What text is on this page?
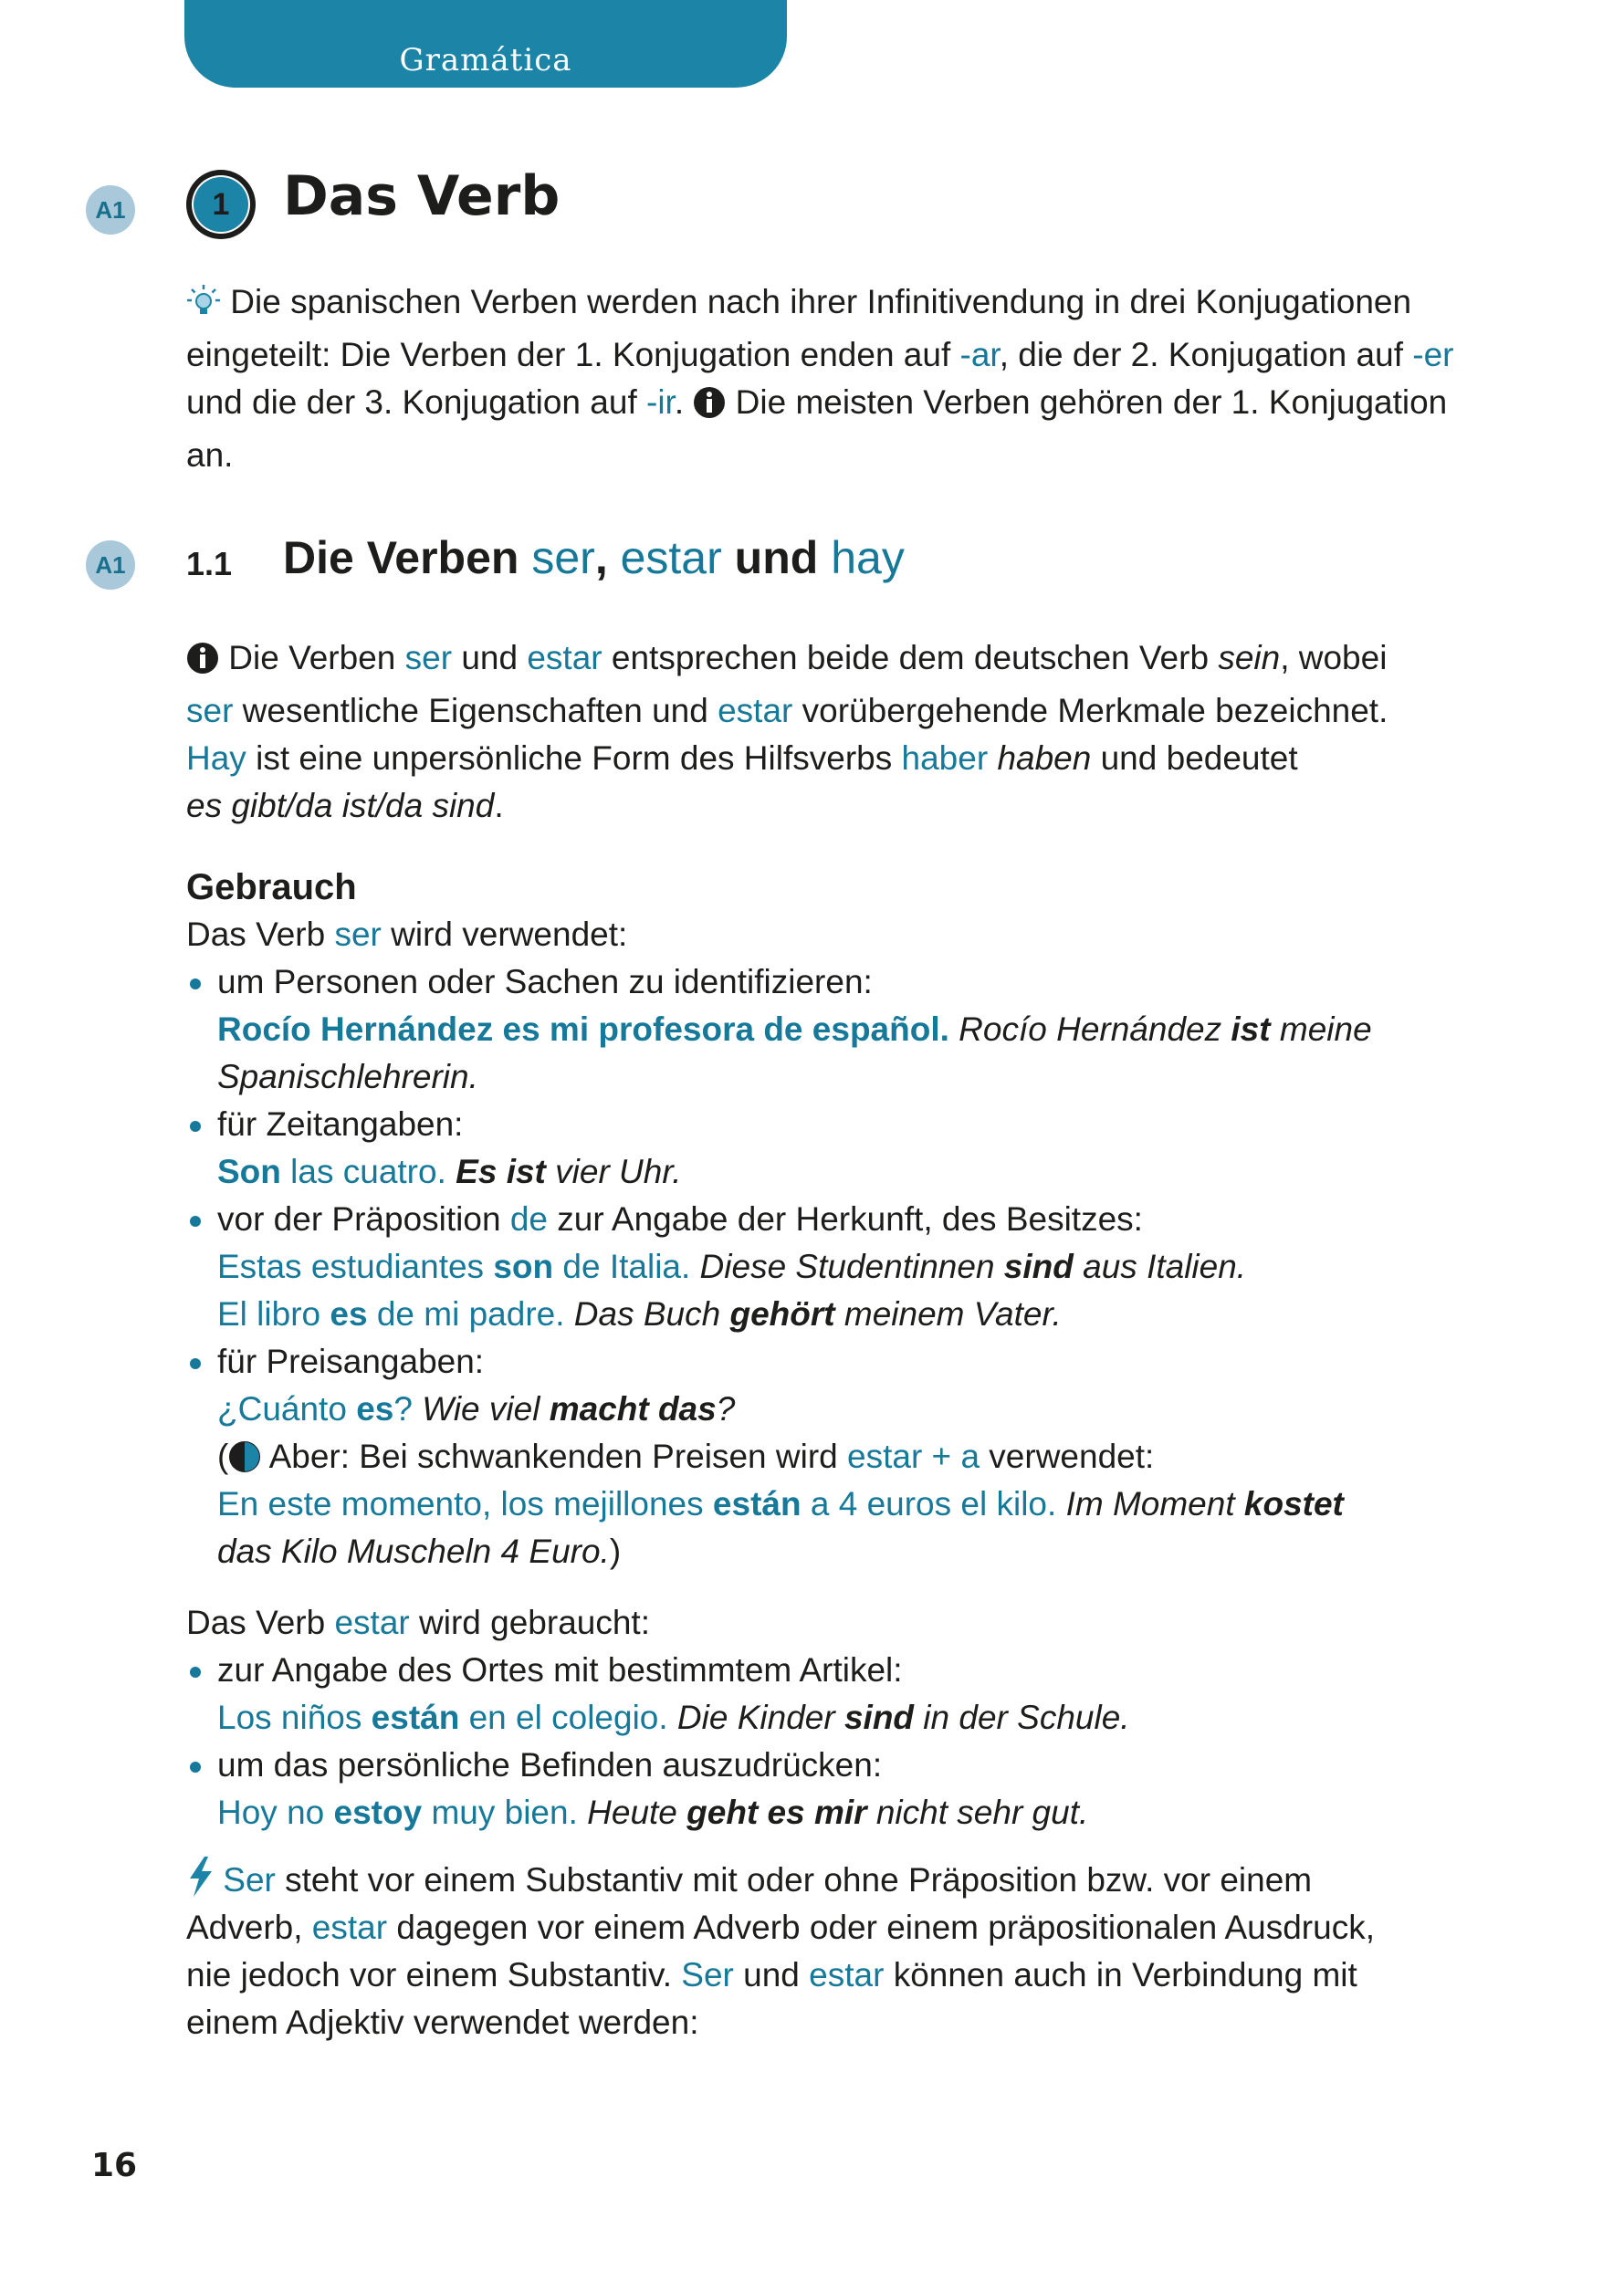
Gramática
A1	1 Das Verb

Die spanischen Verben werden nach ihrer Infinitivendung in drei Konjugationen eingeteilt: Die Verben der 1. Konjugation enden auf -ar, die der 2. Konjugation auf -er und die der 3. Konjugation auf -ir.  Die meisten Verben gehören der 1. Konjugation an.

A1 1.1 Die Verben ser, estar und hay

Die Verben ser und estar entsprechen beide dem deutschen Verb sein, wobei
ser wesentliche Eigenschaften und estar vorübergehende Merkmale bezeichnet.
Hay ist eine unpersönliche Form des Hilfsverbs haber haben und bedeutet
es gibt/da ist/da sind.

Gebrauch
Das Verb ser wird verwendet:
um Personen oder Sachen zu identifizieren:
Rocío Hernández es mi profesora de español. Rocío Hernández ist meine
Spanischlehrerin.
für Zeitangaben:
Son las cuatro. Es ist vier Uhr.
vor der Präposition de zur Angabe der Herkunft, des Besitzes:
Estas estudiantes son de Italia. Diese Studentinnen sind aus Italien.
El libro es de mi padre. Das Buch gehört meinem Vater.
für Preisangaben:
¿Cuánto es? Wie viel macht das?
( Aber: Bei schwankenden Preisen wird estar + a verwendet:
En este momento, los mejillones están a 4 euros el kilo. Im Moment kostet
das Kilo Muscheln 4 Euro.)
Das Verb estar wird gebraucht:
zur Angabe des Ortes mit bestimmtem Artikel:
Los niños están en el colegio. Die Kinder sind in der Schule.
um das persönliche Befinden auszudrücken:
Hoy no estoy muy bien. Heute geht es mir nicht sehr gut.
Ser steht vor einem Substantiv mit oder ohne Präposition bzw. vor einem
Adverb, estar dagegen vor einem Adverb oder einem präpositionalen Ausdruck,
nie jedoch vor einem Substantiv. Ser und estar können auch in Verbindung mit
einem Adjektiv verwendet werden:
16
